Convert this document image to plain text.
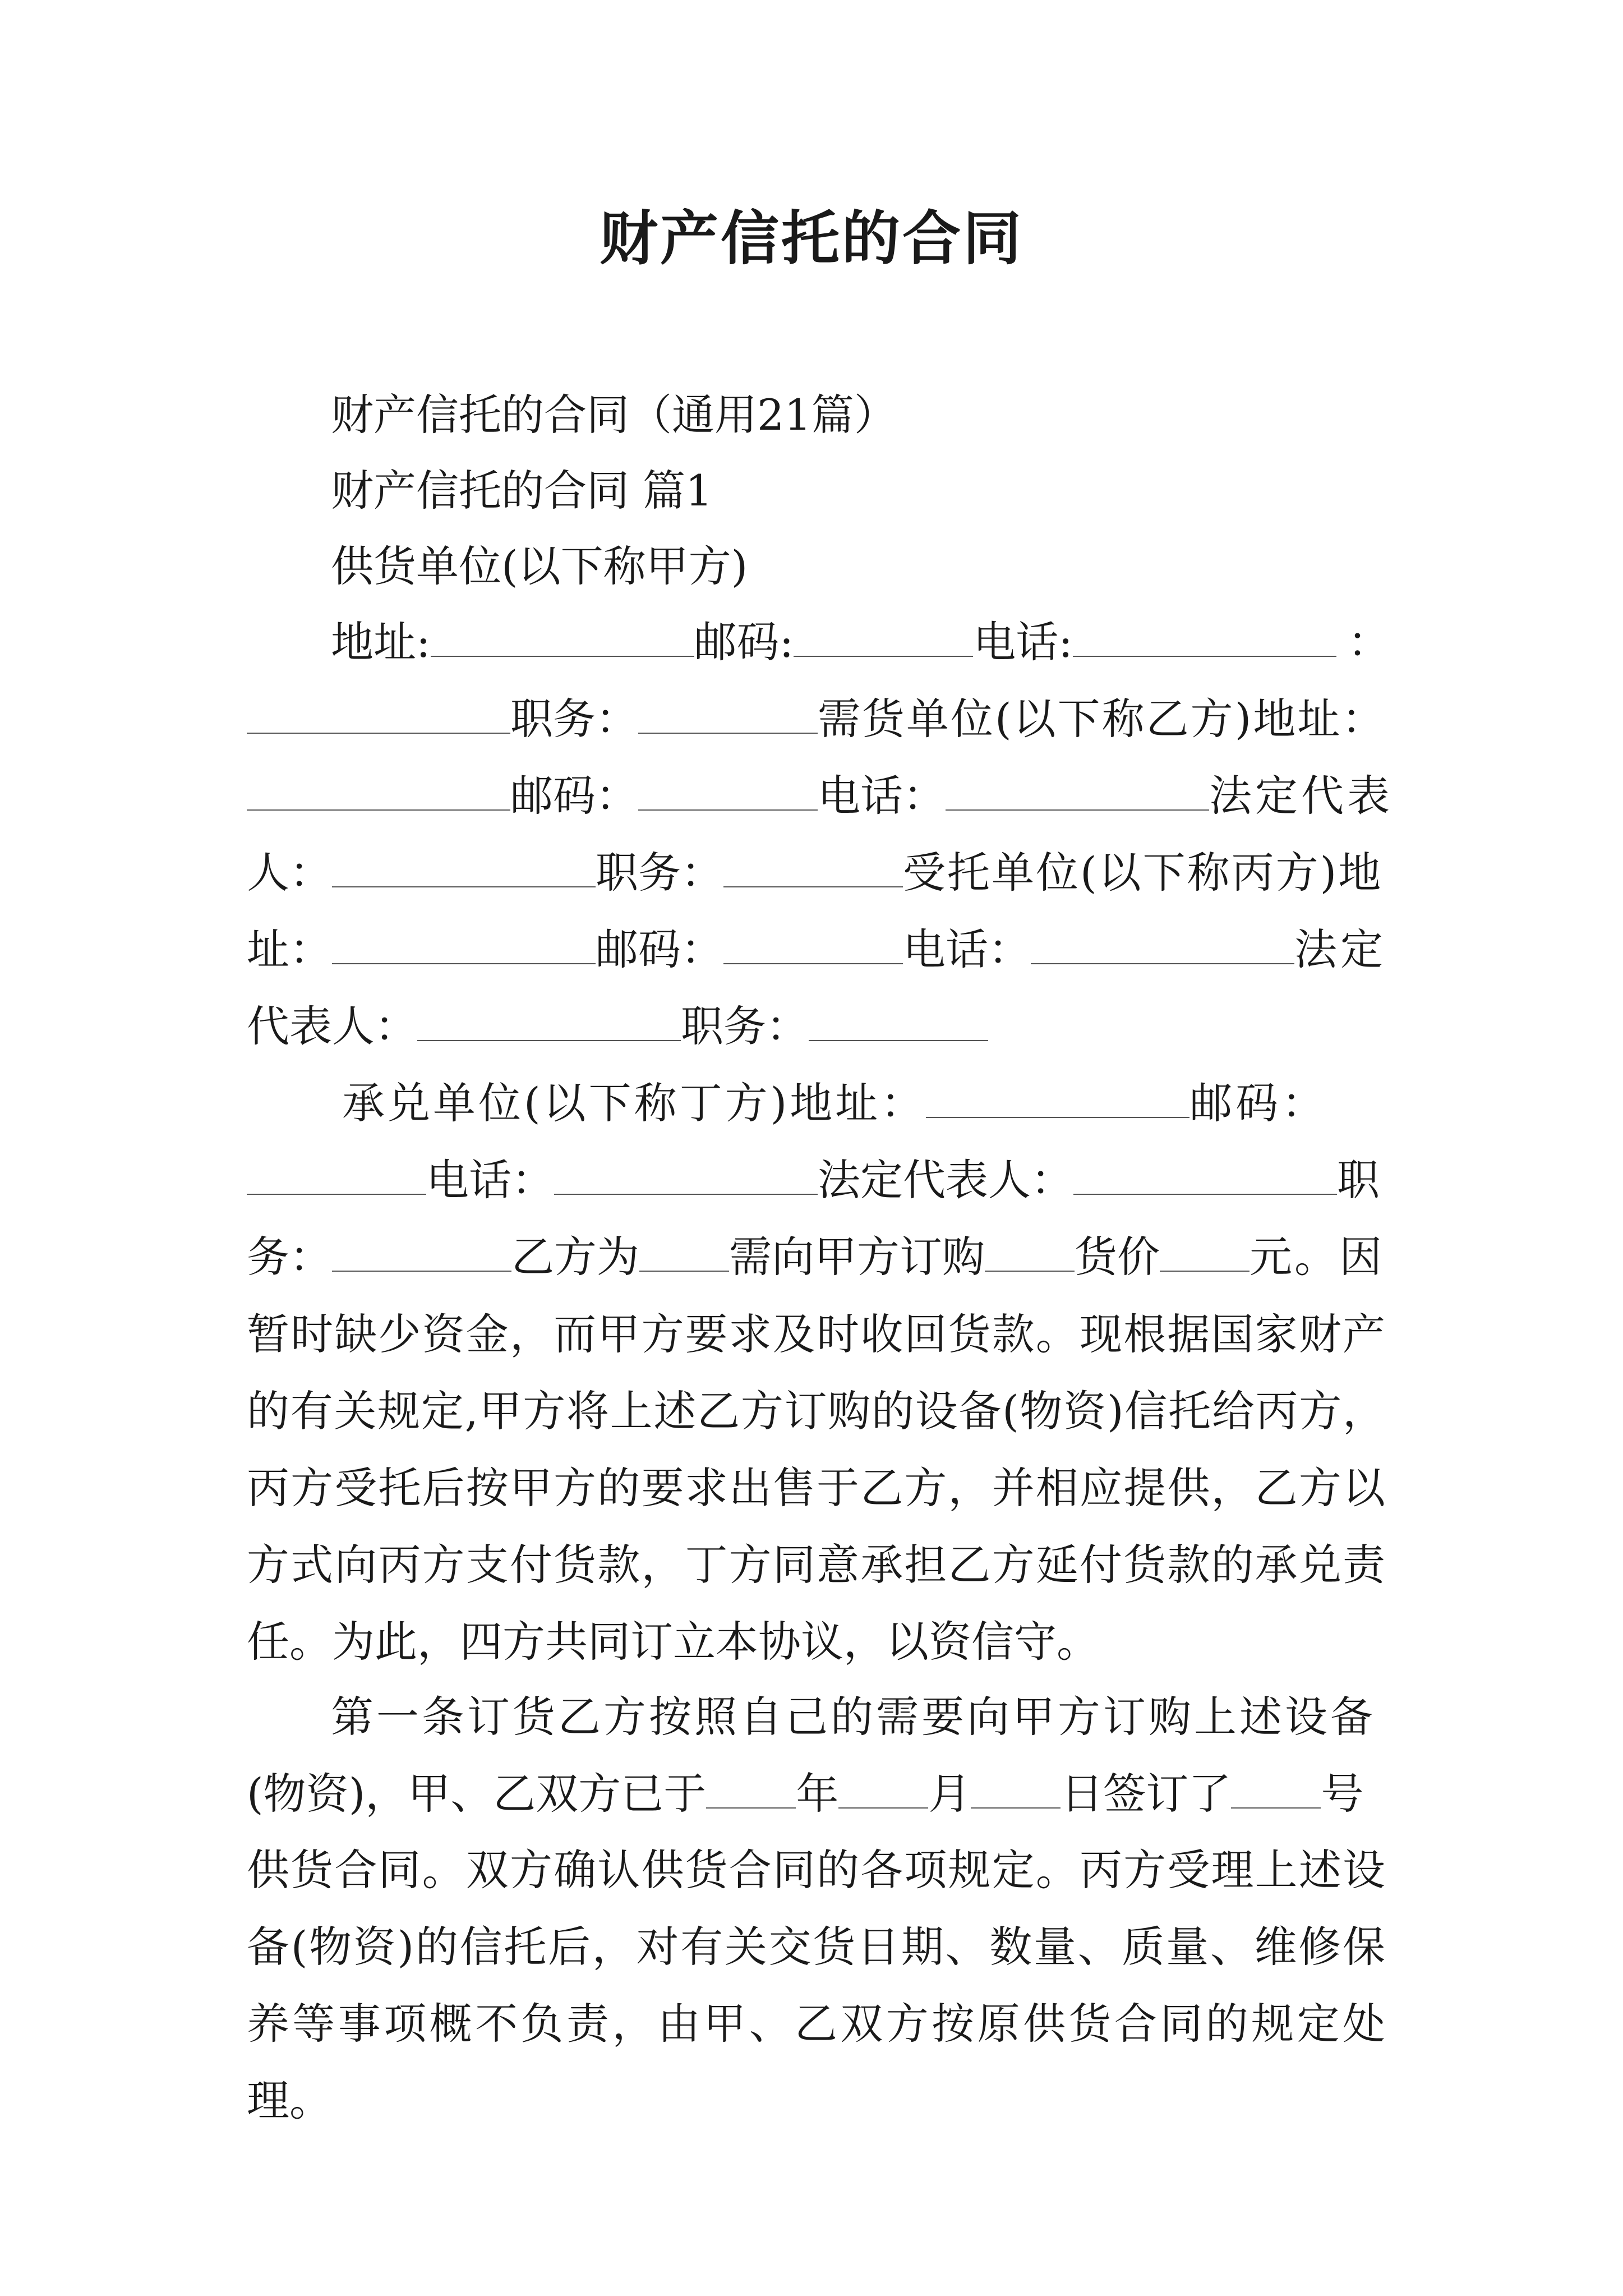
财产信托的合同
财产信托的合同（通用21篇）
财产信托的合同 篇1
供货单位(以下称甲方)
地址:	邮码:	电话:	：
职务：	需货单位(以下称乙方)地址：
邮码：	电话：	法定代表
人：	职务：	受托单位(以下称丙方)地
址：	邮码：	电话：	法定
代表人：	职务：
承兑单位(以下称丁方)地址：	邮码：
电话：	法定代表人：	职
务：	乙方为 需向甲方订购 货价 元。因
暂时缺少资金，而甲方要求及时收回货款。现根据国家财产的有关规定,甲方将上述乙方订购的设备(物资)信托给丙方，丙方受托后按甲方的要求出售于乙方，并相应提供，乙方以方式向丙方支付货款，丁方同意承担乙方延付货款的承兑责任。为此，四方共同订立本协议，以资信守。
第一条订货乙方按照自己的需要向甲方订购上述设备
(物资)，甲、乙双方已于 年 月 日签订了 号
供货合同。双方确认供货合同的各项规定。丙方受理上述设备(物资)的信托后，对有关交货日期、数量、质量、维修保养等事项概不负责，由甲、乙双方按原供货合同的规定处理。
